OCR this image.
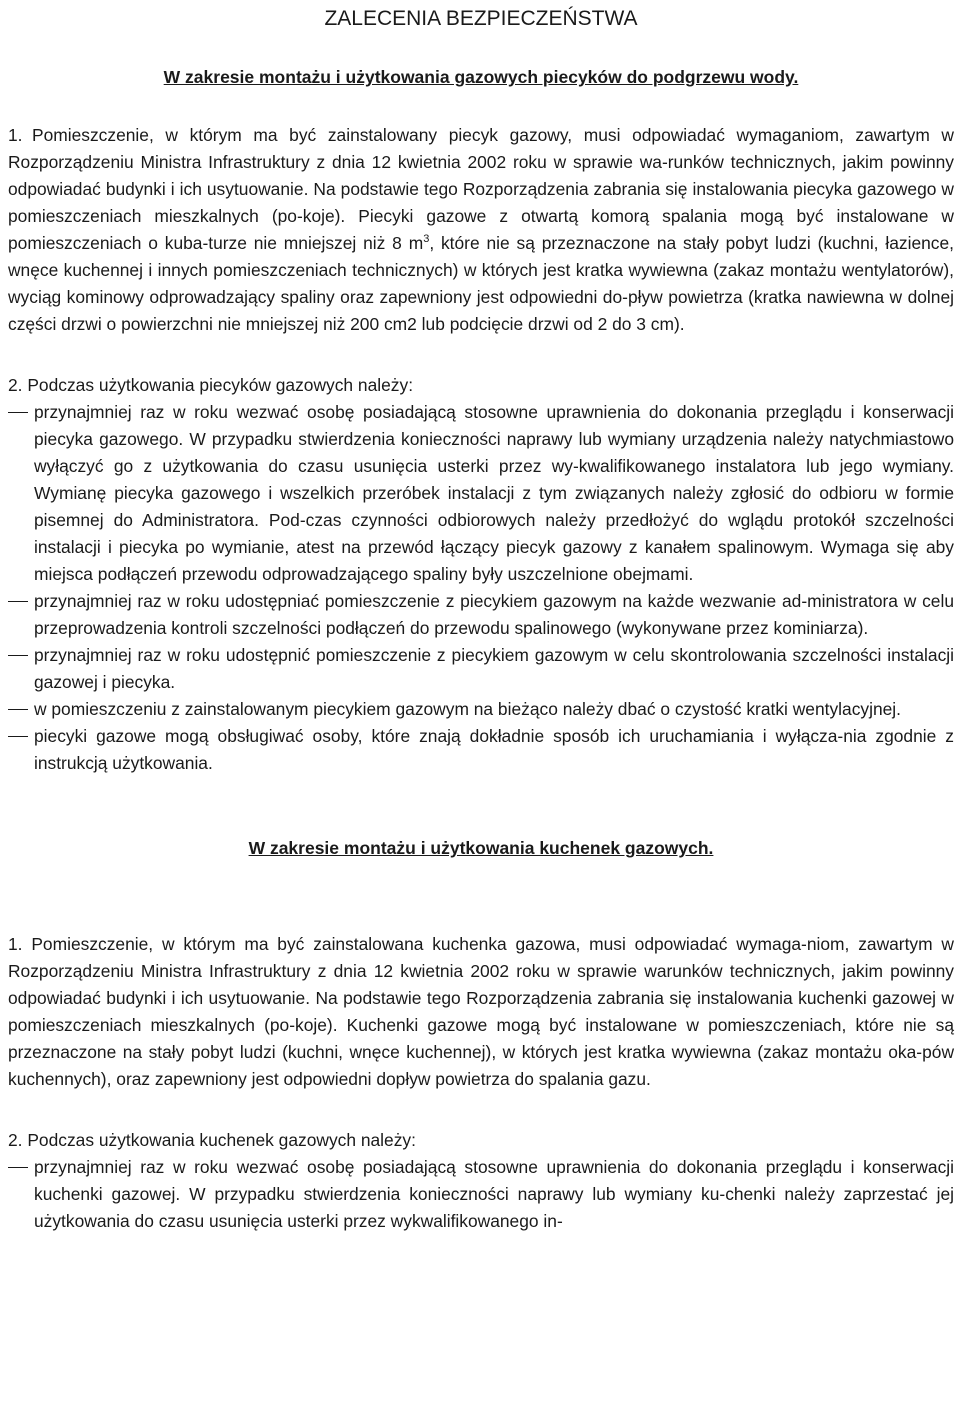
ZALECENIA BEZPIECZEŃSTWA
W zakresie montażu i użytkowania gazowych piecyków do podgrzewu wody.

1. Pomieszczenie, w którym ma być zainstalowany piecyk gazowy, musi odpowiadać wymaganiom, zawartym w Rozporządzeniu Ministra Infrastruktury z dnia 12 kwietnia 2002 roku w sprawie wa-runków technicznych, jakim powinny odpowiadać budynki i ich usytuowanie. Na podstawie tego Rozporządzenia zabrania się instalowania piecyka gazowego w pomieszczeniach mieszkalnych (po-koje). Piecyki gazowe z otwartą komorą spalania mogą być instalowane w pomieszczeniach o kuba-turze nie mniejszej niż 8 $m^3$, które nie są przeznaczone na stały pobyt ludzi (kuchni, łazience, wnęce kuchennej i innych pomieszczeniach technicznych) w których jest kratka wywiewna (zakaz montażu wentylatorów), wyciąg kominowy odprowadzający spaliny oraz zapewniony jest odpowiedni do-pływ powietrza (kratka nawiewna w dolnej części drzwi o powierzchni nie mniejszej niż 200 cm2 lub podcięcie drzwi od 2 do 3 cm).

2. Podczas użytkowania piecyków gazowych należy:

przynajmniej raz w roku wezwać osobę posiadającą stosowne uprawnienia do dokonania przeglądu i konserwacji piecyka gazowego. W przypadku stwierdzenia konieczności naprawy lub wymiany urządzenia należy natychmiastowo wyłączyć go z użytkowania do czasu usunięcia usterki przez wy-kwalifikowanego instalatora lub jego wymiany. Wymianę piecyka gazowego i wszelkich przeróbek instalacji z tym związanych należy zgłosić do odbioru w formie pisemnej do Administratora. Pod-czas czynności odbiorowych należy przedłożyć do wglądu protokół szczelności instalacji i piecyka po wymianie, atest na przewód łączący piecyk gazowy z kanałem spalinowym. Wymaga się aby miejsca podłączeń przewodu odprowadzającego spaliny były uszczelnione obejmami.
przynajmniej raz w roku udostępniać pomieszczenie z piecykiem gazowym na każde wezwanie ad-ministratora w celu przeprowadzenia kontroli szczelności podłączeń do przewodu spalinowego (wykonywane przez kominiarza).
przynajmniej raz w roku udostępnić pomieszczenie z piecykiem gazowym w celu skontrolowania szczelności instalacji gazowej i piecyka.
w pomieszczeniu z zainstalowanym piecykiem gazowym na bieżąco należy dbać o czystość kratki wentylacyjnej.
piecyki gazowe mogą obsługiwać osoby, które znają dokładnie sposób ich uruchamiania i wyłącza-nia zgodnie z instrukcją użytkowania.
W zakresie montażu i użytkowania kuchenek gazowych.

1. Pomieszczenie, w którym ma być zainstalowana kuchenka gazowa, musi odpowiadać wymaga-niom, zawartym w Rozporządzeniu Ministra Infrastruktury z dnia 12 kwietnia 2002 roku w sprawie warunków technicznych, jakim powinny odpowiadać budynki i ich usytuowanie. Na podstawie tego Rozporządzenia zabrania się instalowania kuchenki gazowej w pomieszczeniach mieszkalnych (po-koje). Kuchenki gazowe mogą być instalowane w pomieszczeniach, które nie są przeznaczone na stały pobyt ludzi (kuchni, wnęce kuchennej), w których jest kratka wywiewna (zakaz montażu oka-pów kuchennych), oraz zapewniony jest odpowiedni dopływ powietrza do spalania gazu.

2. Podczas użytkowania kuchenek gazowych należy:

przynajmniej raz w roku wezwać osobę posiadającą stosowne uprawnienia do dokonania przeglądu i konserwacji kuchenki gazowej. W przypadku stwierdzenia konieczności naprawy lub wymiany ku-chenki należy zaprzestać jej użytkowania do czasu usunięcia usterki przez wykwalifikowanego in-
